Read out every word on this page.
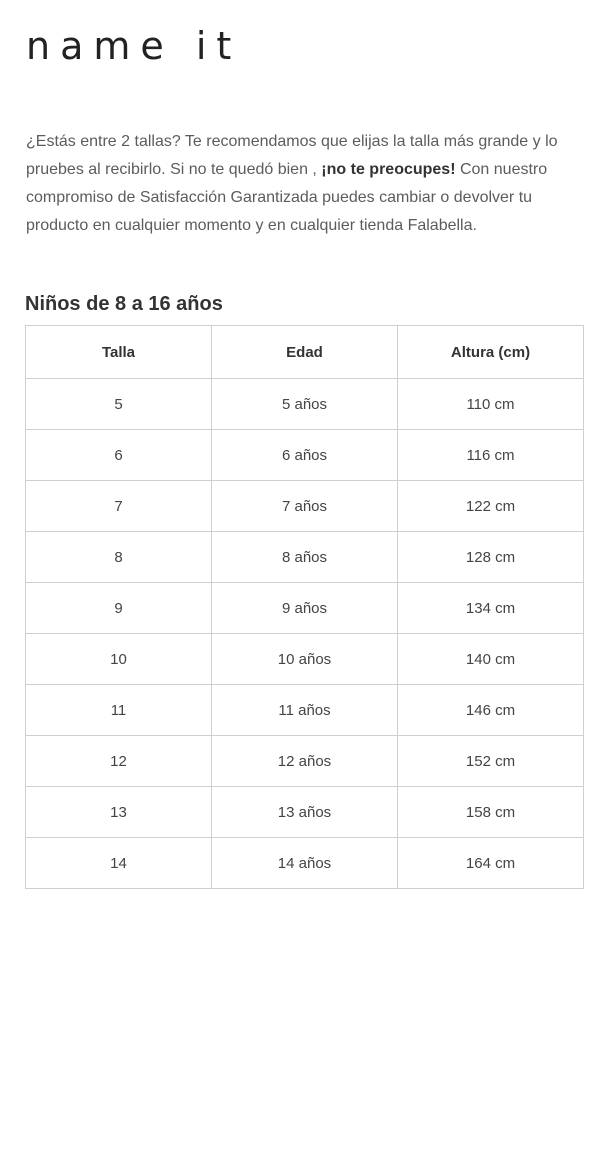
name it

¿Estás entre 2 tallas? Te recomendamos que elijas la talla más grande y lo pruebes al recibirlo. Si no te quedó bien , ¡no te preocupes! Con nuestro compromiso de Satisfacción Garantizada puedes cambiar o devolver tu producto en cualquier momento y en cualquier tienda Falabella.

Niños de 8 a 16 años
Talla	Edad	Altura (cm)
5	5 años	110 cm
6	6 años	116 cm
7	7 años	122 cm
8	8 años	128 cm
9	9 años	134 cm
10	10 años	140 cm
11	11 años	146 cm
12	12 años	152 cm
13	13 años	158 cm
14	14 años	164 cm
